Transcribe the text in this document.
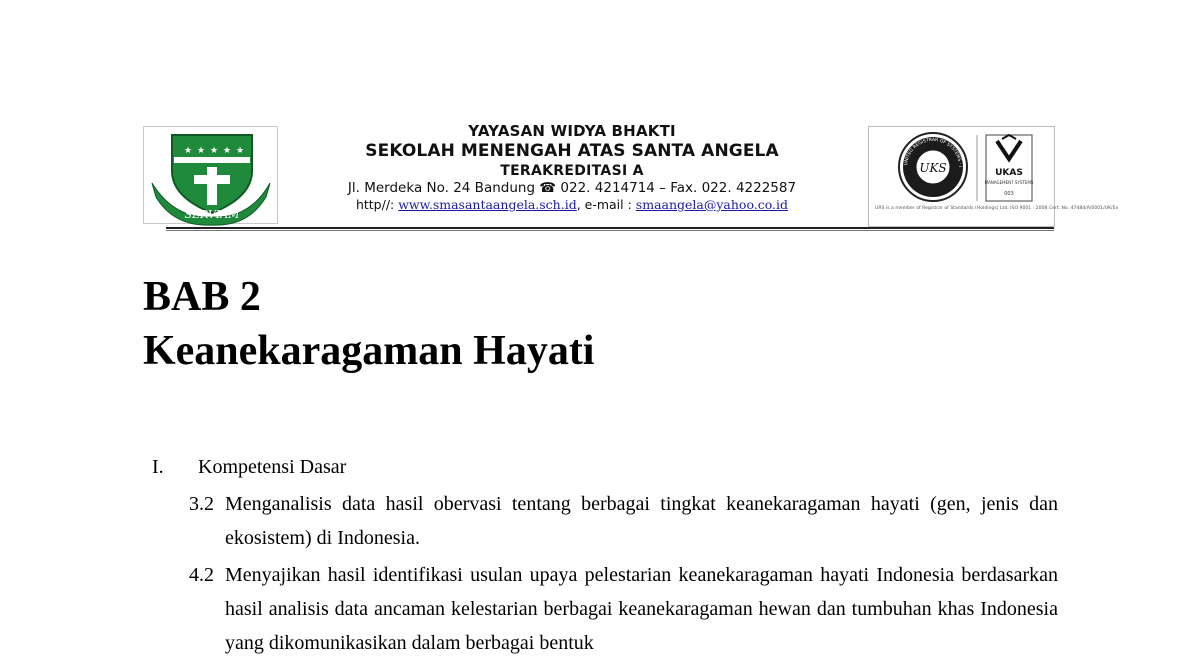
★ ★ ★ ★ ★
SERVIAM
YAYASAN WIDYA BHAKTI
SEKOLAH MENENGAH ATAS SANTA ANGELA
TERAKREDITASI A
Jl. Merdeka No. 24 Bandung ☎ 022. 4214714 – Fax. 022. 4222587
http//: www.smasantaangela.sch.id, e-mail : smaangela@yahoo.co.id
UKS
UNITED REGISTRAR OF SYSTEMS · I
UKAS
MANAGEMENT SYSTEMS
003
URS is a member of Registrar of Standards (Holdings) Ltd. ISO 9001 : 2008 Cert. No. 47484/A/0001/UK/En
BAB 2
Keanekaragaman Hayati
I. Kompetensi Dasar
3.2 Menganalisis data hasil obervasi tentang berbagai tingkat keanekaragaman hayati (gen, jenis dan ekosistem) di Indonesia.
4.2 Menyajikan hasil identifikasi usulan upaya pelestarian keanekaragaman hayati Indonesia berdasarkan hasil analisis data ancaman kelestarian berbagai keanekaragaman hewan dan tumbuhan khas Indonesia yang dikomunikasikan dalam berbagai bentuk
